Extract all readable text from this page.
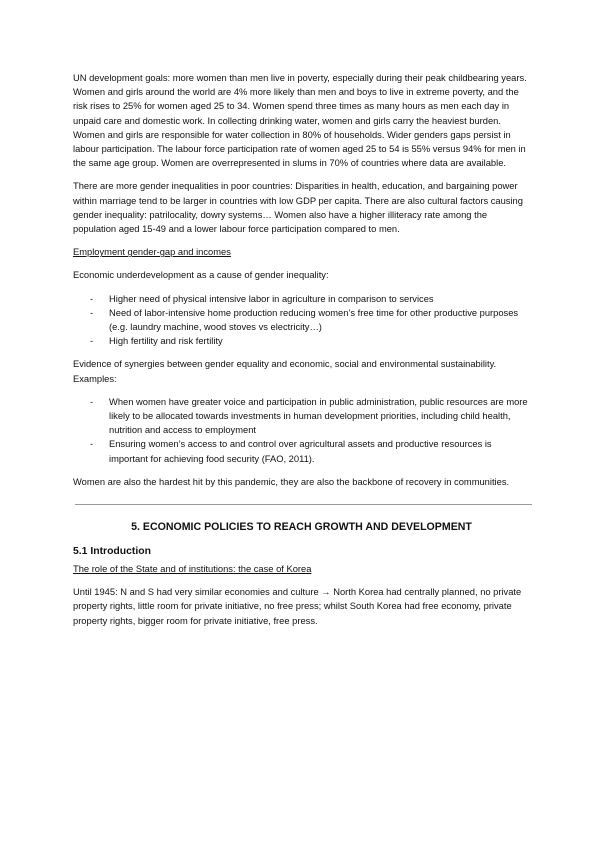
UN development goals: more women than men live in poverty, especially during their peak childbearing years. Women and girls around the world are 4% more likely than men and boys to live in extreme poverty, and the risk rises to 25% for women aged 25 to 34. Women spend three times as many hours as men each day in unpaid care and domestic work. In collecting drinking water, women and girls carry the heaviest burden. Women and girls are responsible for water collection in 80% of households. Wider genders gaps persist in labour participation. The labour force participation rate of women aged 25 to 54 is 55% versus 94% for men in the same age group. Women are overrepresented in slums in 70% of countries where data are available.

There are more gender inequalities in poor countries: Disparities in health, education, and bargaining power within marriage tend to be larger in countries with low GDP per capita. There are also cultural factors causing gender inequality: patrilocality, dowry systems… Women also have a higher illiteracy rate among the population aged 15-49 and a lower labour force participation compared to men.

Employment gender-gap and incomes

Economic underdevelopment as a cause of gender inequality:

- Higher need of physical intensive labor in agriculture in comparison to services
- Need of labor-intensive home production reducing women’s free time for other productive purposes (e.g. laundry machine, wood stoves vs electricity…)
- High fertility and risk fertility

Evidence of synergies between gender equality and economic, social and environmental sustainability. Examples:

- When women have greater voice and participation in public administration, public resources are more likely to be allocated towards investments in human development priorities, including child health, nutrition and access to employment
- Ensuring women’s access to and control over agricultural assets and productive resources is important for achieving food security (FAO, 2011).

Women are also the hardest hit by this pandemic, they are also the backbone of recovery in communities.

5. ECONOMIC POLICIES TO REACH GROWTH AND DEVELOPMENT

5.1 Introduction

The role of the State and of institutions: the case of Korea

Until 1945: N and S had very similar economies and culture → North Korea had centrally planned, no private property rights, little room for private initiative, no free press; whilst South Korea had free economy, private property rights, bigger room for private initiative, free press.
